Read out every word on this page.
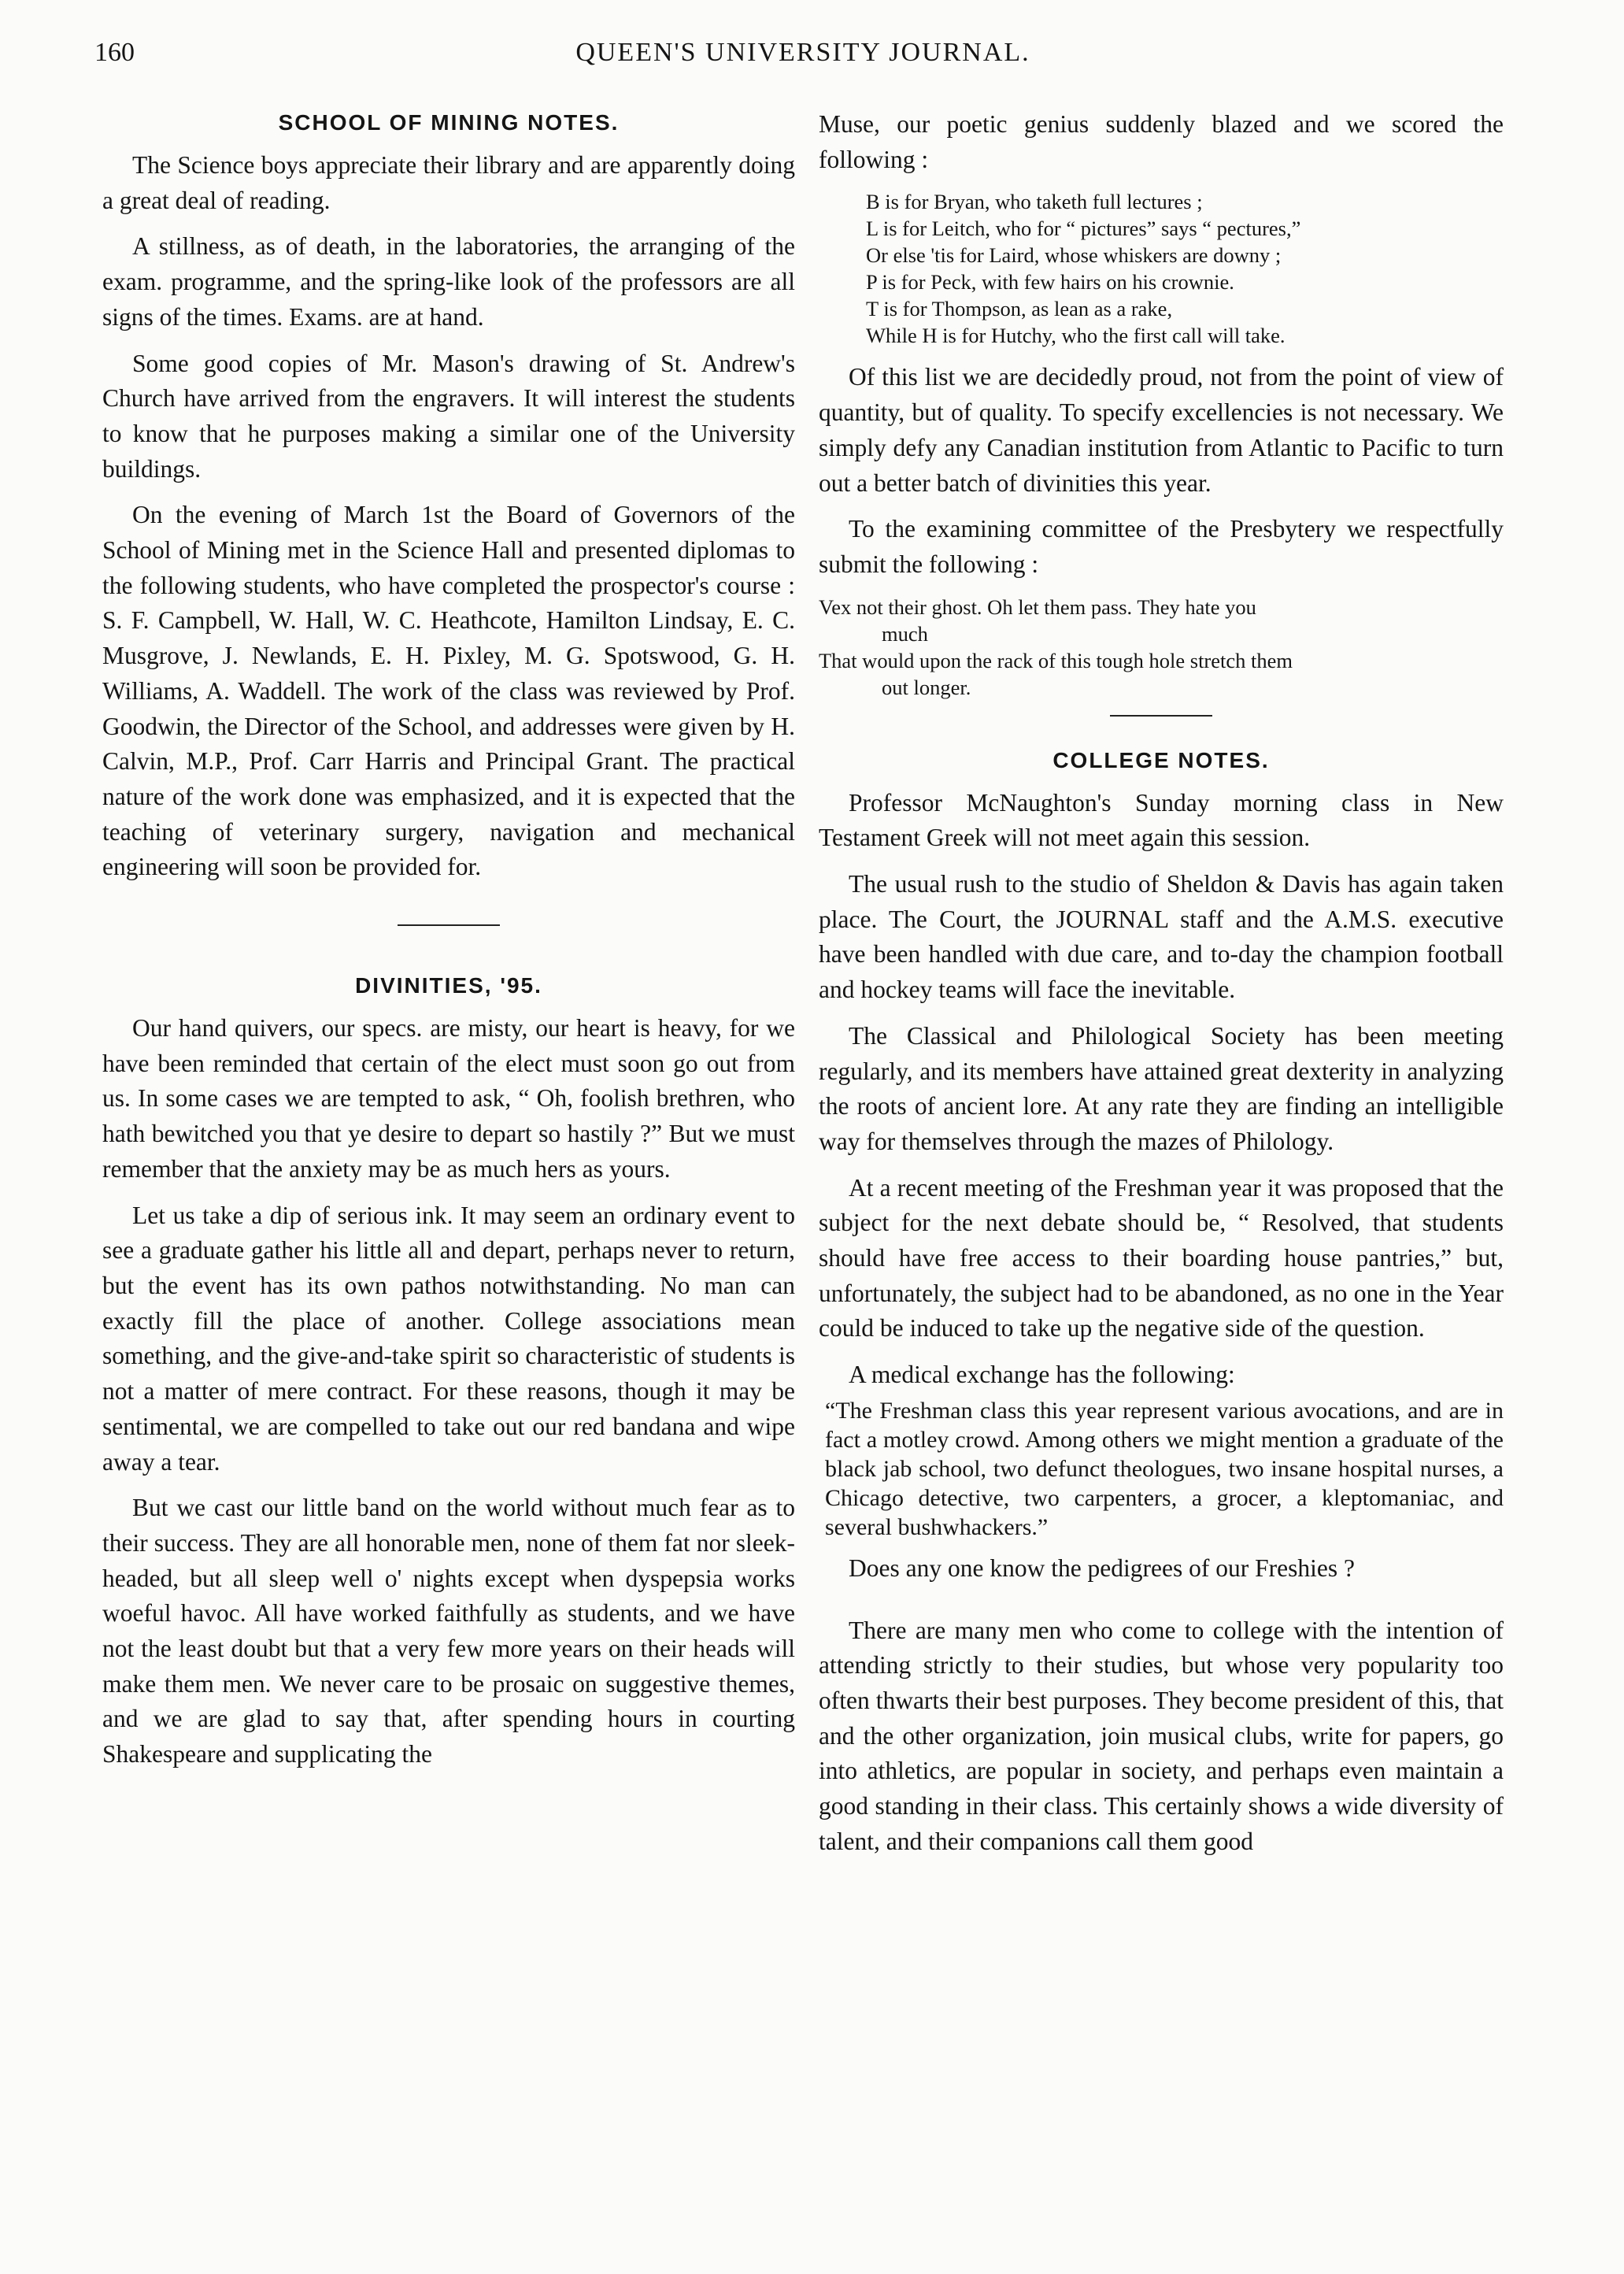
160	QUEEN'S UNIVERSITY JOURNAL.
SCHOOL OF MINING NOTES.

The Science boys appreciate their library and are apparently doing a great deal of reading.

A stillness, as of death, in the laboratories, the arranging of the exam. programme, and the spring-like look of the professors are all signs of the times. Exams. are at hand.

Some good copies of Mr. Mason's drawing of St. Andrew's Church have arrived from the engravers. It will interest the students to know that he purposes making a similar one of the University buildings.

On the evening of March 1st the Board of Governors of the School of Mining met in the Science Hall and presented diplomas to the following students, who have completed the prospector's course : S. F. Campbell, W. Hall, W. C. Heathcote, Hamilton Lindsay, E. C. Musgrove, J. Newlands, E. H. Pixley, M. G. Spotswood, G. H. Williams, A. Waddell. The work of the class was reviewed by Prof. Goodwin, the Director of the School, and addresses were given by H. Calvin, M.P., Prof. Carr Harris and Principal Grant. The practical nature of the work done was emphasized, and it is expected that the teaching of veterinary surgery, navigation and mechanical engineering will soon be provided for.

DIVINITIES, '95.

Our hand quivers, our specs. are misty, our heart is heavy, for we have been reminded that certain of the elect must soon go out from us. In some cases we are tempted to ask, “ Oh, foolish brethren, who hath bewitched you that ye desire to depart so hastily ?” But we must remember that the anxiety may be as much hers as yours.

Let us take a dip of serious ink. It may seem an ordinary event to see a graduate gather his little all and depart, perhaps never to return, but the event has its own pathos notwithstanding. No man can exactly fill the place of another. College associations mean something, and the give-and-take spirit so characteristic of students is not a matter of mere contract. For these reasons, though it may be sentimental, we are compelled to take out our red bandana and wipe away a tear.

But we cast our little band on the world without much fear as to their success. They are all honorable men, none of them fat nor sleek-headed, but all sleep well o' nights except when dyspepsia works woeful havoc. All have worked faithfully as students, and we have not the least doubt but that a very few more years on their heads will make them men. We never care to be prosaic on suggestive themes, and we are glad to say that, after spending hours in courting Shakespeare and supplicating the

Muse, our poetic genius suddenly blazed and we scored the following :

B is for Bryan, who taketh full lectures ;
L is for Leitch, who for “ pictures” says “ pectures,”
Or else 'tis for Laird, whose whiskers are downy ;
P is for Peck, with few hairs on his crownie.
T is for Thompson, as lean as a rake,
While H is for Hutchy, who the first call will take.

Of this list we are decidedly proud, not from the point of view of quantity, but of quality. To specify excellencies is not necessary. We simply defy any Canadian institution from Atlantic to Pacific to turn out a better batch of divinities this year.

To the examining committee of the Presbytery we respectfully submit the following :

Vex not their ghost. Oh let them pass. They hate you
much
That would upon the rack of this tough hole stretch them
out longer.
COLLEGE NOTES.

Professor McNaughton's Sunday morning class in New Testament Greek will not meet again this session.

The usual rush to the studio of Sheldon & Davis has again taken place. The Court, the JOURNAL staff and the A.M.S. executive have been handled with due care, and to-day the champion football and hockey teams will face the inevitable.

The Classical and Philological Society has been meeting regularly, and its members have attained great dexterity in analyzing the roots of ancient lore. At any rate they are finding an intelligible way for themselves through the mazes of Philology.

At a recent meeting of the Freshman year it was proposed that the subject for the next debate should be, “ Resolved, that students should have free access to their boarding house pantries,” but, unfortunately, the subject had to be abandoned, as no one in the Year could be induced to take up the negative side of the question.

A medical exchange has the following:

“The Freshman class this year represent various avocations, and are in fact a motley crowd. Among others we might mention a graduate of the black jab school, two defunct theologues, two insane hospital nurses, a Chicago detective, two carpenters, a grocer, a kleptomaniac, and several bushwhackers.”

Does any one know the pedigrees of our Freshies ?

There are many men who come to college with the intention of attending strictly to their studies, but whose very popularity too often thwarts their best purposes. They become president of this, that and the other organization, join musical clubs, write for papers, go into athletics, are popular in society, and perhaps even maintain a good standing in their class. This certainly shows a wide diversity of talent, and their companions call them good
